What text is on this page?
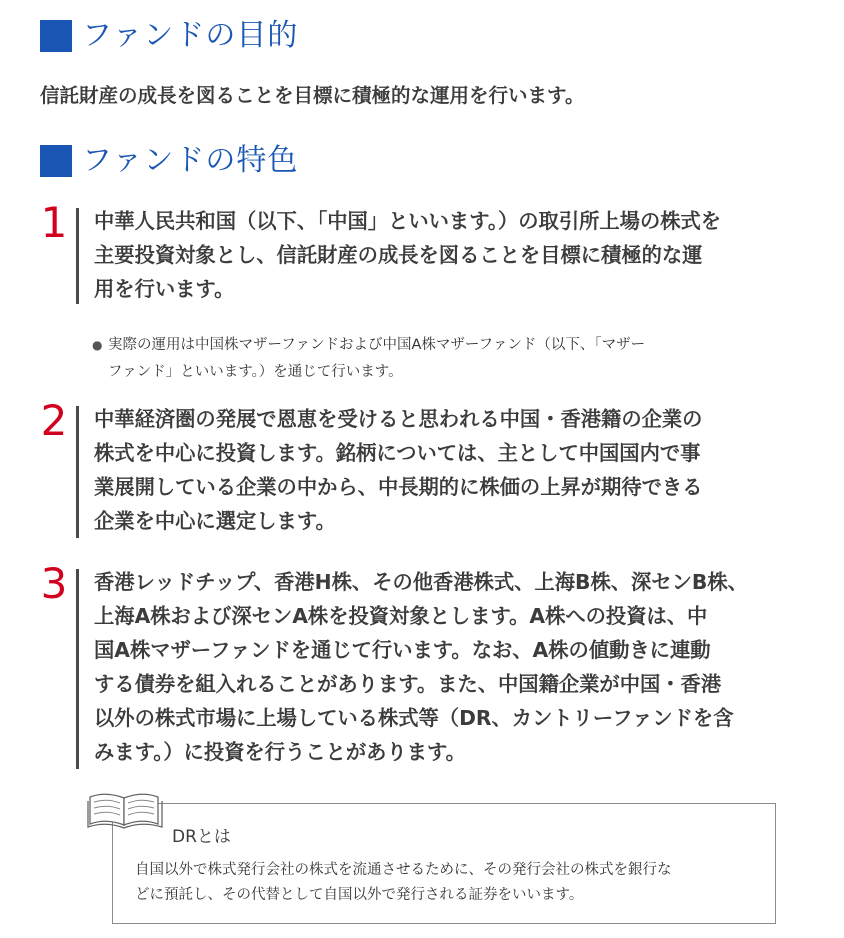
ファンドの目的
信託財産の成長を図ることを目標に積極的な運用を行います。
ファンドの特色
1 中華人民共和国（以下、「中国」といいます。）の取引所上場の株式を
主要投資対象とし、信託財産の成長を図ることを目標に積極的な運
用を行います。
● 実際の運用は中国株マザーファンドおよび中国A株マザーファンド（以下、「マザー
ファンド」といいます。）を通じて行います。
2 中華経済圏の発展で恩恵を受けると思われる中国・香港籍の企業の
株式を中心に投資します。銘柄については、主として中国国内で事
業展開している企業の中から、中長期的に株価の上昇が期待できる
企業を中心に選定します。
3 香港レッドチップ、香港H株、その他香港株式、上海B株、深センB株、
上海A株および深センA株を投資対象とします。A株への投資は、中
国A株マザーファンドを通じて行います。なお、A株の値動きに連動
する債券を組入れることがあります。また、中国籍企業が中国・香港
以外の株式市場に上場している株式等（DR、カントリーファンドを含
みます。）に投資を行うことがあります。
DRとは
自国以外で株式発行会社の株式を流通させるために、その発行会社の株式を銀行な
どに預託し、その代替として自国以外で発行される証券をいいます。
